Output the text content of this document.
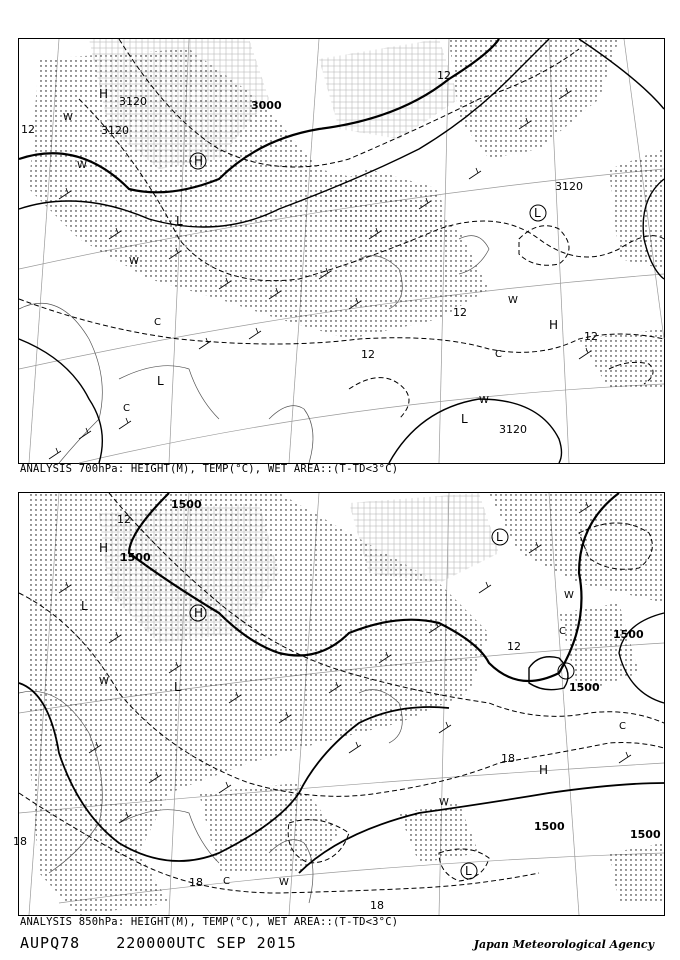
3000
3120
3120
3120
3120
12
12
12
12
12
H
H
H
L
L
L
L
W
W
W
W
W
C
C
C
ANALYSIS 700hPa: HEIGHT(M), TEMP(°C), WET AREA::(T-TD<3°C)
1500
1500
1500
1500
1500
1500
12
12
18
18
18
18
H
H
H
L
L
L
L
W
W
W
W
C
C
C
ANALYSIS 850hPa: HEIGHT(M), TEMP(°C), WET AREA::(T-TD<3°C)
AUPQ78 220000UTC SEP 2015	Japan Meteorological Agency
